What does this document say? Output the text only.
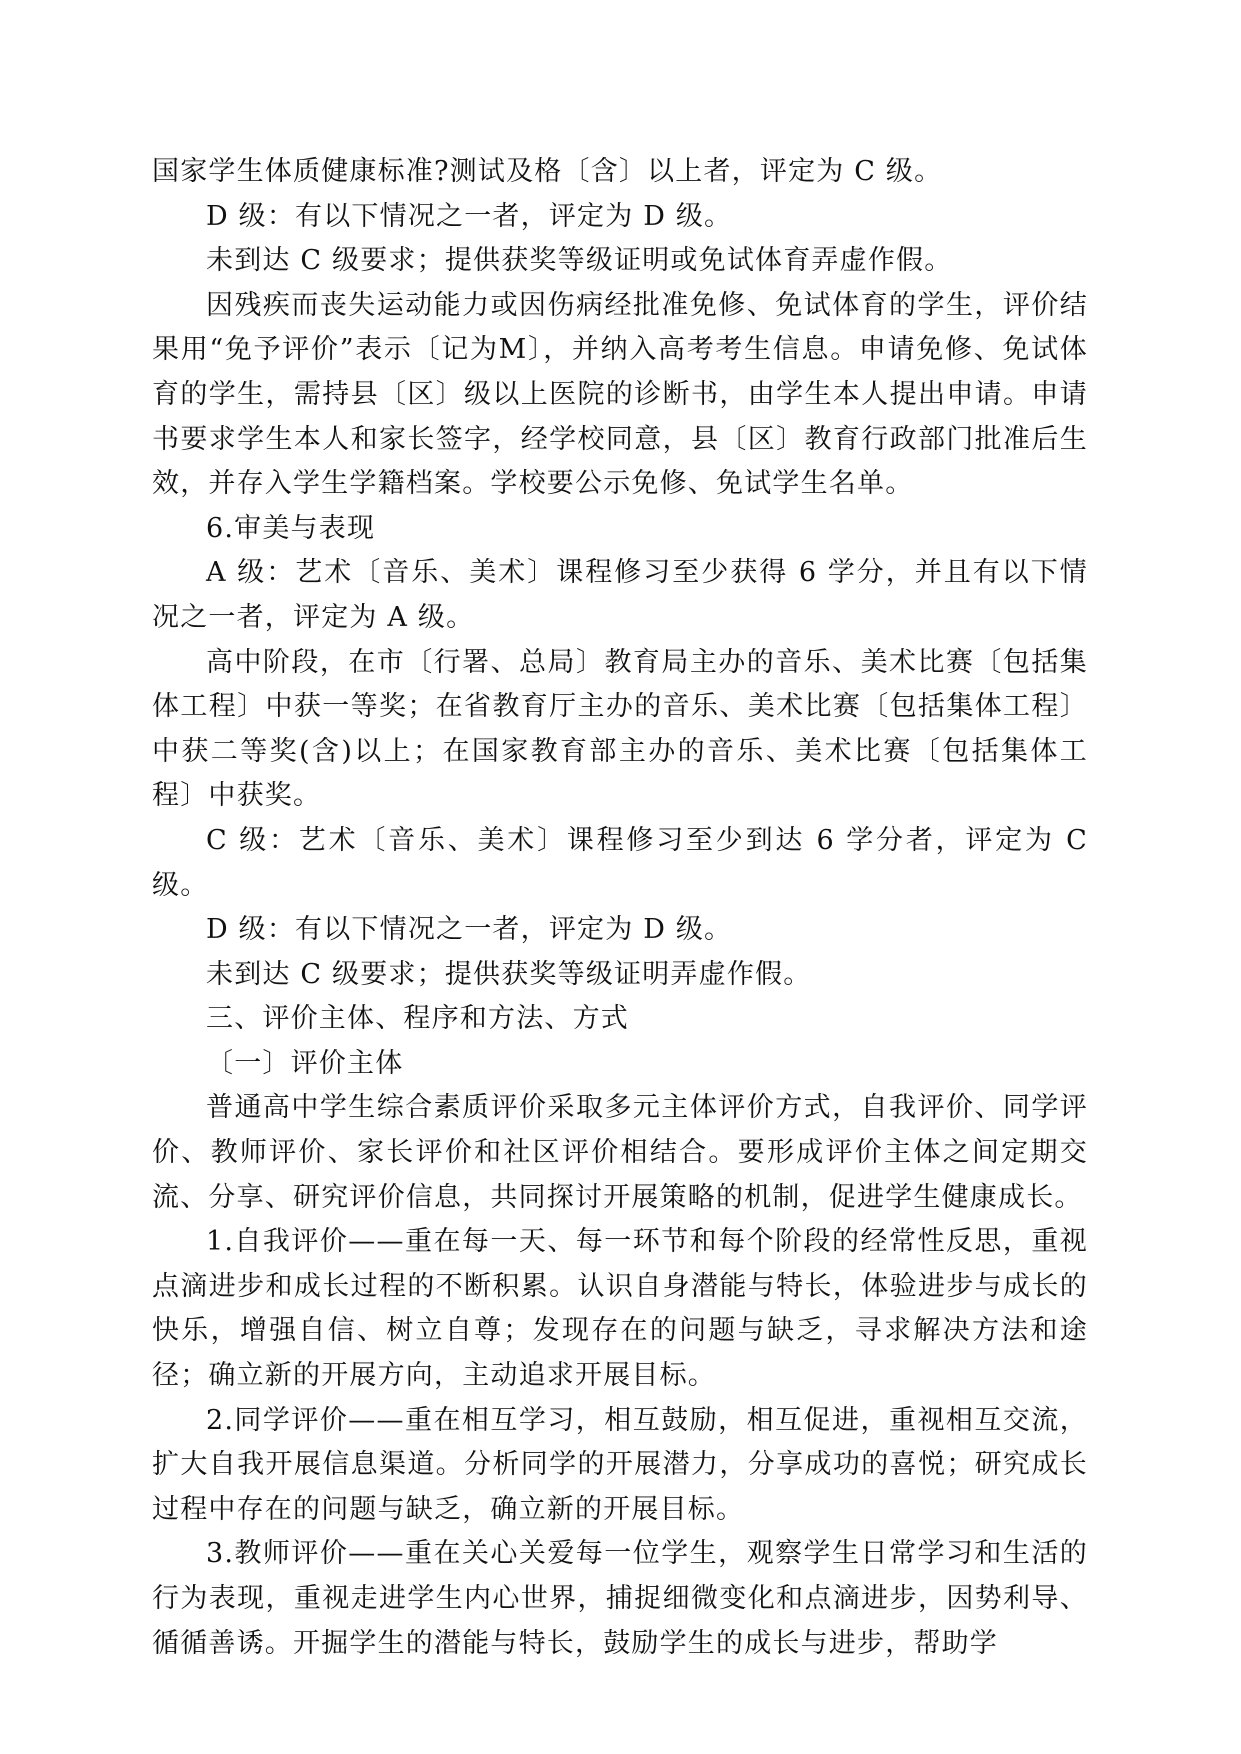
国家学生体质健康标准?测试及格〔含〕以上者，评定为 C 级。

D 级：有以下情况之一者，评定为 D 级。

未到达 C 级要求；提供获奖等级证明或免试体育弄虚作假。

因残疾而丧失运动能力或因伤病经批准免修、免试体育的学生，评价结果用“免予评价”表示〔记为M〕，并纳入高考考生信息。申请免修、免试体育的学生，需持县〔区〕级以上医院的诊断书，由学生本人提出申请。申请书要求学生本人和家长签字，经学校同意，县〔区〕教育行政部门批准后生效，并存入学生学籍档案。学校要公示免修、免试学生名单。

6.审美与表现

A 级：艺术〔音乐、美术〕课程修习至少获得 6 学分，并且有以下情况之一者，评定为 A 级。

高中阶段，在市〔行署、总局〕教育局主办的音乐、美术比赛〔包括集体工程〕中获一等奖；在省教育厅主办的音乐、美术比赛〔包括集体工程〕中获二等奖(含)以上；在国家教育部主办的音乐、美术比赛〔包括集体工程〕中获奖。

C 级：艺术〔音乐、美术〕课程修习至少到达 6 学分者，评定为 C 级。

D 级：有以下情况之一者，评定为 D 级。

未到达 C 级要求；提供获奖等级证明弄虚作假。

三、评价主体、程序和方法、方式

〔一〕评价主体

普通高中学生综合素质评价采取多元主体评价方式，自我评价、同学评价、教师评价、家长评价和社区评价相结合。要形成评价主体之间定期交流、分享、研究评价信息，共同探讨开展策略的机制，促进学生健康成长。

1.自我评价——重在每一天、每一环节和每个阶段的经常性反思，重视点滴进步和成长过程的不断积累。认识自身潜能与特长，体验进步与成长的快乐，增强自信、树立自尊；发现存在的问题与缺乏，寻求解决方法和途径；确立新的开展方向，主动追求开展目标。

2.同学评价——重在相互学习，相互鼓励，相互促进，重视相互交流，扩大自我开展信息渠道。分析同学的开展潜力，分享成功的喜悦；研究成长过程中存在的问题与缺乏，确立新的开展目标。

3.教师评价——重在关心关爱每一位学生，观察学生日常学习和生活的行为表现，重视走进学生内心世界，捕捉细微变化和点滴进步，因势利导、循循善诱。开掘学生的潜能与特长，鼓励学生的成长与进步，帮助学
